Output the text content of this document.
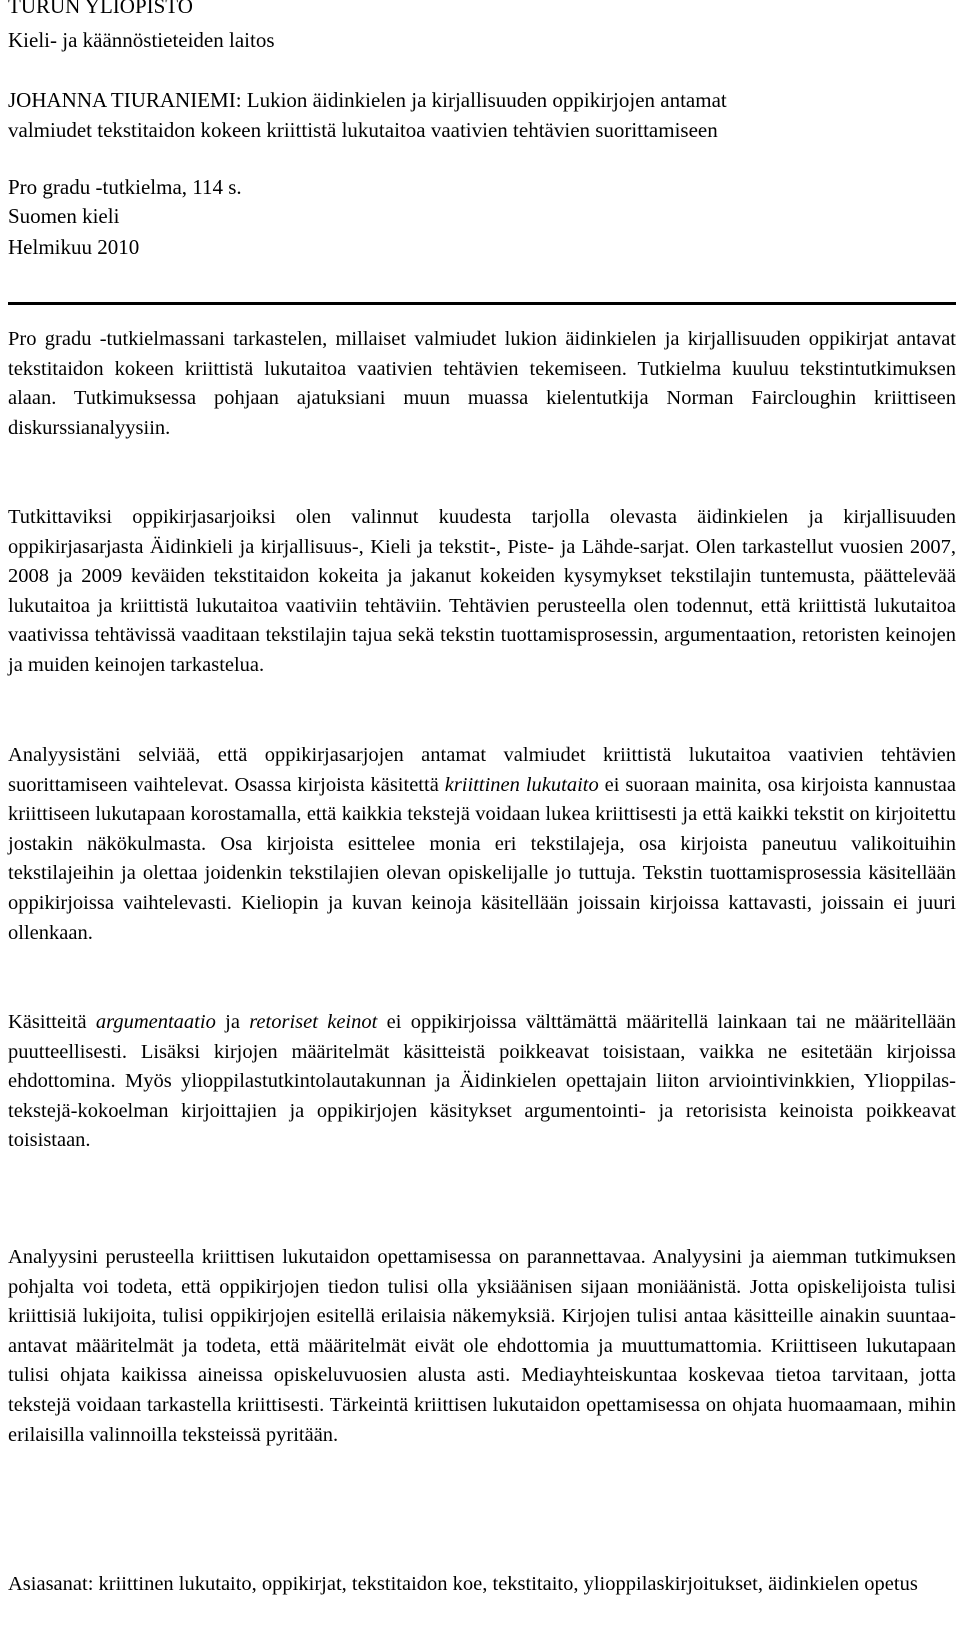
TURUN YLIOPISTO
Kieli- ja käännöstieteiden laitos
JOHANNA TIURANIEMI: Lukion äidinkielen ja kirjallisuuden oppikirjojen antamat
valmiudet tekstitaidon kokeen kriittistä lukutaitoa vaativien tehtävien suorittamiseen
Pro gradu -tutkielma, 114 s.
Suomen kieli
Helmikuu 2010
Pro gradu -tutkielmassani tarkastelen, millaiset valmiudet lukion äidinkielen ja kirjallisuuden oppikirjat antavat tekstitaidon kokeen kriittistä lukutaitoa vaativien tehtävien tekemiseen. Tutkielma kuuluu tekstintutkimuksen alaan. Tutkimuksessa pohjaan ajatuksiani muun muassa kielentutkija Norman Faircloughin kriittiseen diskurssianalyysiin.
Tutkittaviksi oppikirjasarjoiksi olen valinnut kuudesta tarjolla olevasta äidinkielen ja kirjallisuuden oppikirjasarjasta Äidinkieli ja kirjallisuus-, Kieli ja tekstit-, Piste- ja Lähde-sarjat. Olen tarkastellut vuosien 2007, 2008 ja 2009 keväiden tekstitaidon kokeita ja jakanut kokeiden kysymykset tekstilajin tuntemusta, päättelevää lukutaitoa ja kriittistä lukutaitoa vaativiin tehtäviin. Tehtävien perusteella olen todennut, että kriittistä lukutaitoa vaativissa tehtävissä vaaditaan tekstilajin tajua sekä tekstin tuottamisprosessin, argumentaation, retoristen keinojen ja muiden keinojen tarkastelua.
Analyysistäni selviää, että oppikirjasarjojen antamat valmiudet kriittistä lukutaitoa vaativien tehtävien suorittamiseen vaihtelevat. Osassa kirjoista käsitettä kriittinen lukutaito ei suoraan mainita, osa kirjoista kannustaa kriittiseen lukutapaan korostamalla, että kaikkia tekstejä voidaan lukea kriittisesti ja että kaikki tekstit on kirjoitettu jostakin näkökulmasta. Osa kirjoista esittelee monia eri tekstilajeja, osa kirjoista paneutuu valikoituihin tekstilajeihin ja olettaa joidenkin tekstilajien olevan opiskelijalle jo tuttuja. Tekstin tuottamisprosessia käsitellään oppikirjoissa vaihtelevasti. Kieliopin ja kuvan keinoja käsitellään joissain kirjoissa kattavasti, joissain ei juuri ollenkaan.
Käsitteitä argumentaatio ja retoriset keinot ei oppikirjoissa välttämättä määritellä lainkaan tai ne määritellään puutteellisesti. Lisäksi kirjojen määritelmät käsitteistä poikkeavat toisistaan, vaikka ne esitetään kirjoissa ehdottomina. Myös ylioppilastutkintolautakunnan ja Äidinkielen opettajain liiton arviointivinkkien, Ylioppilastekstejä-kokoelman kirjoittajien ja oppikirjojen käsitykset argumentointi- ja retorisista keinoista poikkeavat toisistaan.
Analyysini perusteella kriittisen lukutaidon opettamisessa on parannettavaa. Analyysini ja aiemman tutkimuksen pohjalta voi todeta, että oppikirjojen tiedon tulisi olla yksiäänisen sijaan moniäänistä. Jotta opiskelijoista tulisi kriittisiä lukijoita, tulisi oppikirjojen esitellä erilaisia näkemyksiä. Kirjojen tulisi antaa käsitteille ainakin suuntaa-antavat määritelmät ja todeta, että määritelmät eivät ole ehdottomia ja muuttumattomia. Kriittiseen lukutapaan tulisi ohjata kaikissa aineissa opiskeluvuosien alusta asti. Mediayhteiskuntaa koskevaa tietoa tarvitaan, jotta tekstejä voidaan tarkastella kriittisesti. Tärkeintä kriittisen lukutaidon opettamisessa on ohjata huomaamaan, mihin erilaisilla valinnoilla teksteissä pyritään.
Asiasanat: kriittinen lukutaito, oppikirjat, tekstitaidon koe, tekstitaito, ylioppilaskirjoitukset, äidinkielen opetus
